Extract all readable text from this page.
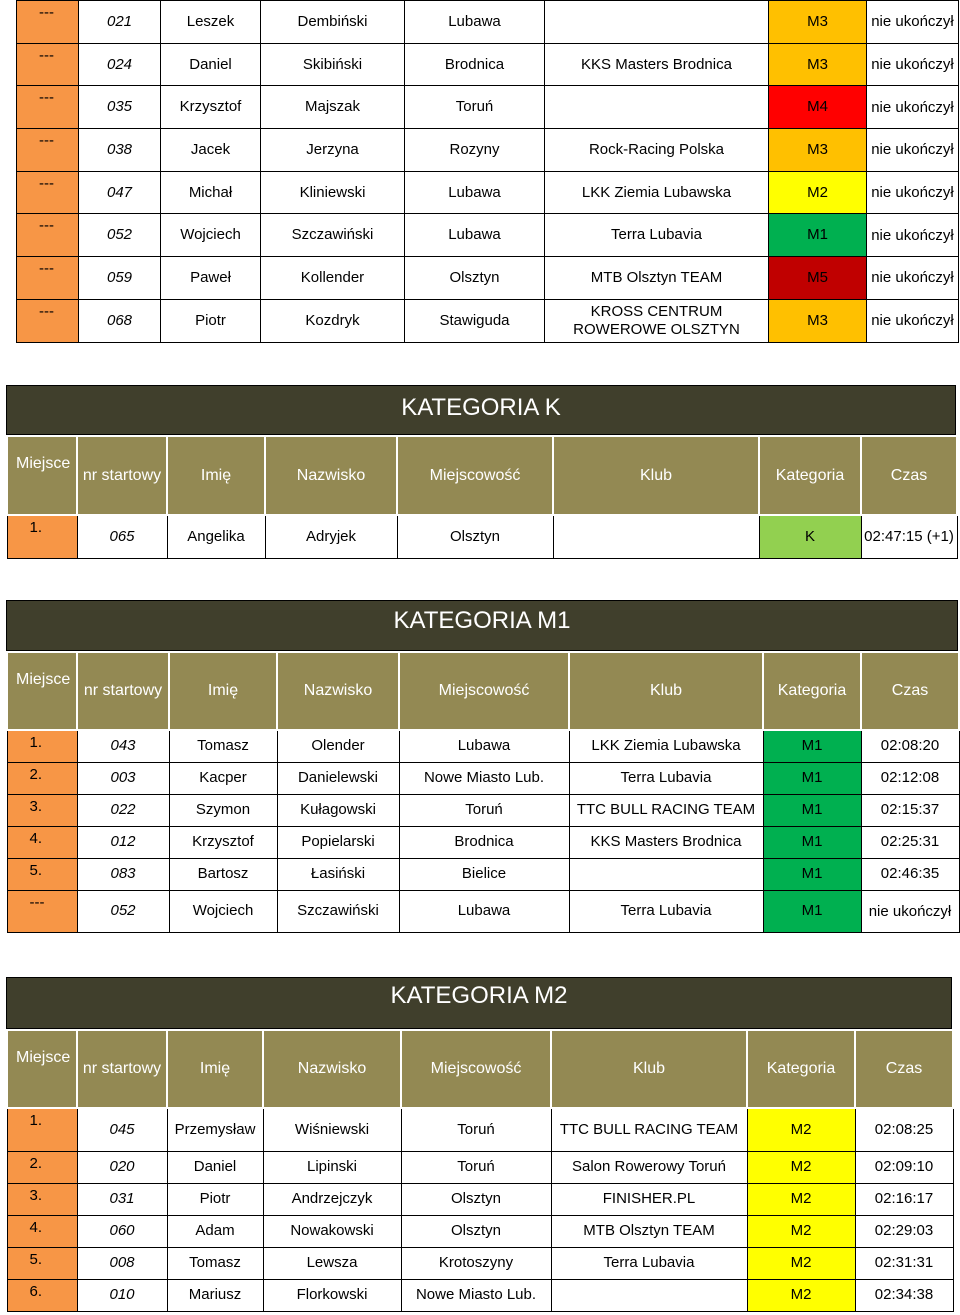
---	021	Leszek	Dembiński	Lubawa		M3	nie ukończył
---	024	Daniel	Skibiński	Brodnica	KKS Masters Brodnica	M3	nie ukończył
---	035	Krzysztof	Majszak	Toruń		M4	nie ukończył
---	038	Jacek	Jerzyna	Rozyny	Rock-Racing Polska	M3	nie ukończył
---	047	Michał	Kliniewski	Lubawa	LKK Ziemia Lubawska	M2	nie ukończył
---	052	Wojciech	Szczawiński	Lubawa	Terra Lubavia	M1	nie ukończył
---	059	Paweł	Kollender	Olsztyn	MTB Olsztyn TEAM	M5	nie ukończył
---	068	Piotr	Kozdryk	Stawiguda	KROSS CENTRUM ROWEROWE OLSZTYN	M3	nie ukończył
KATEGORIA K
Miejsce	nr startowy	Imię	Nazwisko	Miejscowość	Klub	Kategoria	Czas
1.	065	Angelika	Adryjek	Olsztyn		K	02:47:15 (+1)
KATEGORIA M1
Miejsce	nr startowy	Imię	Nazwisko	Miejscowość	Klub	Kategoria	Czas
1.	043	Tomasz	Olender	Lubawa	LKK Ziemia Lubawska	M1	02:08:20
2.	003	Kacper	Danielewski	Nowe Miasto Lub.	Terra Lubavia	M1	02:12:08
3.	022	Szymon	Kułagowski	Toruń	TTC BULL RACING TEAM	M1	02:15:37
4.	012	Krzysztof	Popielarski	Brodnica	KKS Masters Brodnica	M1	02:25:31
5.	083	Bartosz	Łasiński	Bielice		M1	02:46:35
---	052	Wojciech	Szczawiński	Lubawa	Terra Lubavia	M1	nie ukończył
KATEGORIA M2
Miejsce	nr startowy	Imię	Nazwisko	Miejscowość	Klub	Kategoria	Czas
1.	045	Przemysław	Wiśniewski	Toruń	TTC BULL RACING TEAM	M2	02:08:25
2.	020	Daniel	Lipinski	Toruń	Salon Rowerowy Toruń	M2	02:09:10
3.	031	Piotr	Andrzejczyk	Olsztyn	FINISHER.PL	M2	02:16:17
4.	060	Adam	Nowakowski	Olsztyn	MTB Olsztyn TEAM	M2	02:29:03
5.	008	Tomasz	Lewsza	Krotoszyny	Terra Lubavia	M2	02:31:31
6.	010	Mariusz	Florkowski	Nowe Miasto Lub.		M2	02:34:38
